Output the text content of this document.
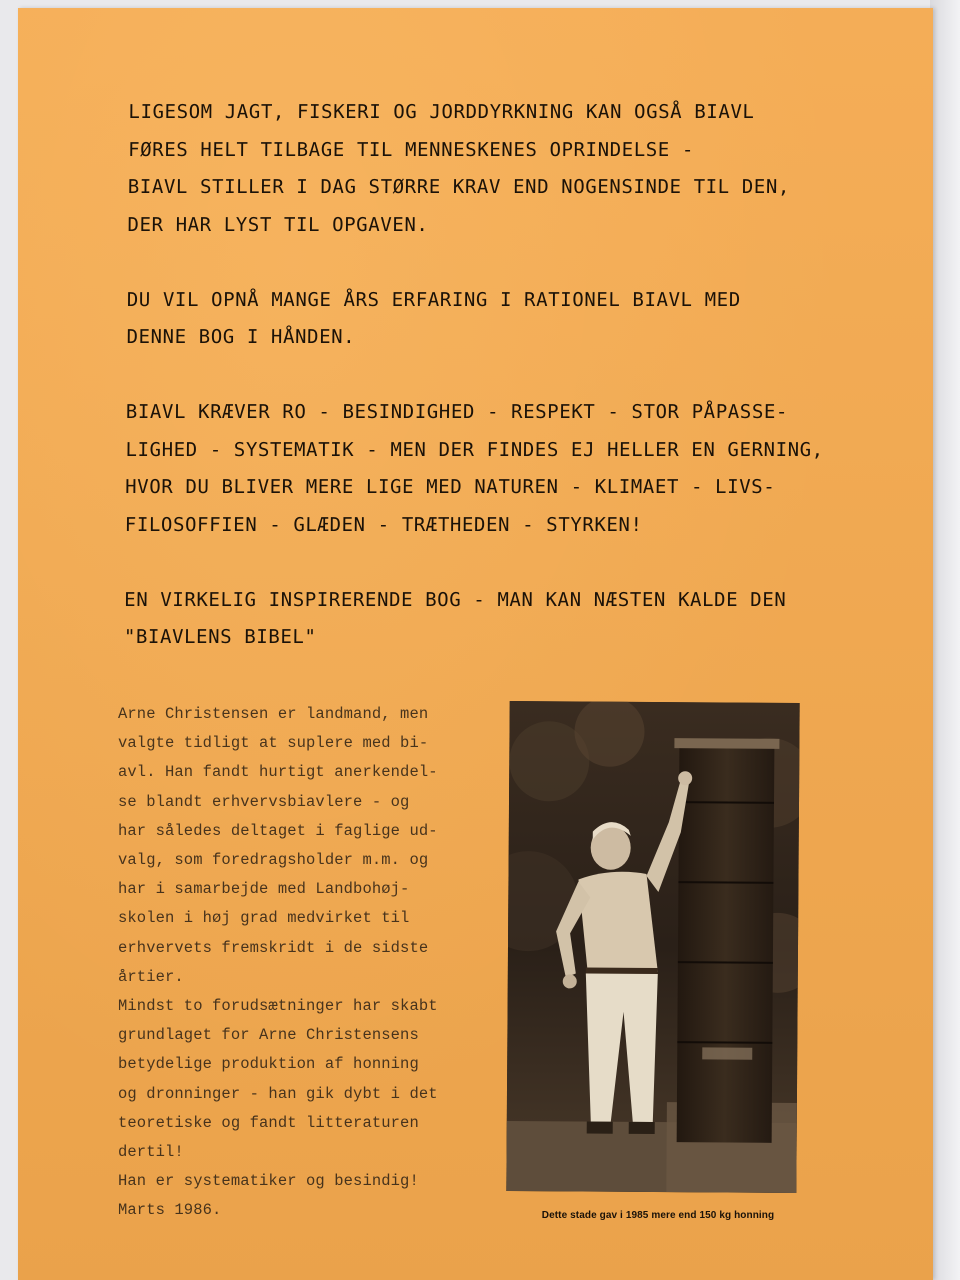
LIGESOM JAGT, FISKERI OG JORDDYRKNING KAN OGSÅ BIAVL
FØRES HELT TILBAGE TIL MENNESKENES OPRINDELSE -
BIAVL STILLER I DAG STØRRE KRAV END NOGENSINDE TIL DEN,
DER HAR LYST TIL OPGAVEN.
DU VIL OPNÅ MANGE ÅRS ERFARING I RATIONEL BIAVL MED
DENNE BOG I HÅNDEN.
BIAVL KRÆVER RO - BESINDIGHED - RESPEKT - STOR PÅPASSE-
LIGHED - SYSTEMATIK - MEN DER FINDES EJ HELLER EN GERNING,
HVOR DU BLIVER MERE LIGE MED NATUREN - KLIMAET - LIVS-
FILOSOFFIEN - GLÆDEN - TRÆTHEDEN - STYRKEN!
EN VIRKELIG INSPIRERENDE BOG - MAN KAN NÆSTEN KALDE DEN
"BIAVLENS BIBEL"
Arne Christensen er landmand, men
valgte tidligt at suplere med bi-
avl. Han fandt hurtigt anerkendel-
se blandt erhvervsbiavlere - og
har således deltaget i faglige ud-
valg, som foredragsholder m.m. og
har i samarbejde med Landbohøj-
skolen i høj grad medvirket til
erhvervets fremskridt i de sidste
årtier.
Mindst to forudsætninger har skabt
grundlaget for Arne Christensens
betydelige produktion af honning
og dronninger - han gik dybt i det
teoretiske og fandt litteraturen
dertil!
Han er systematiker og besindig!
Marts 1986.	Dette stade gav i 1985 mere end 150 kg honning
